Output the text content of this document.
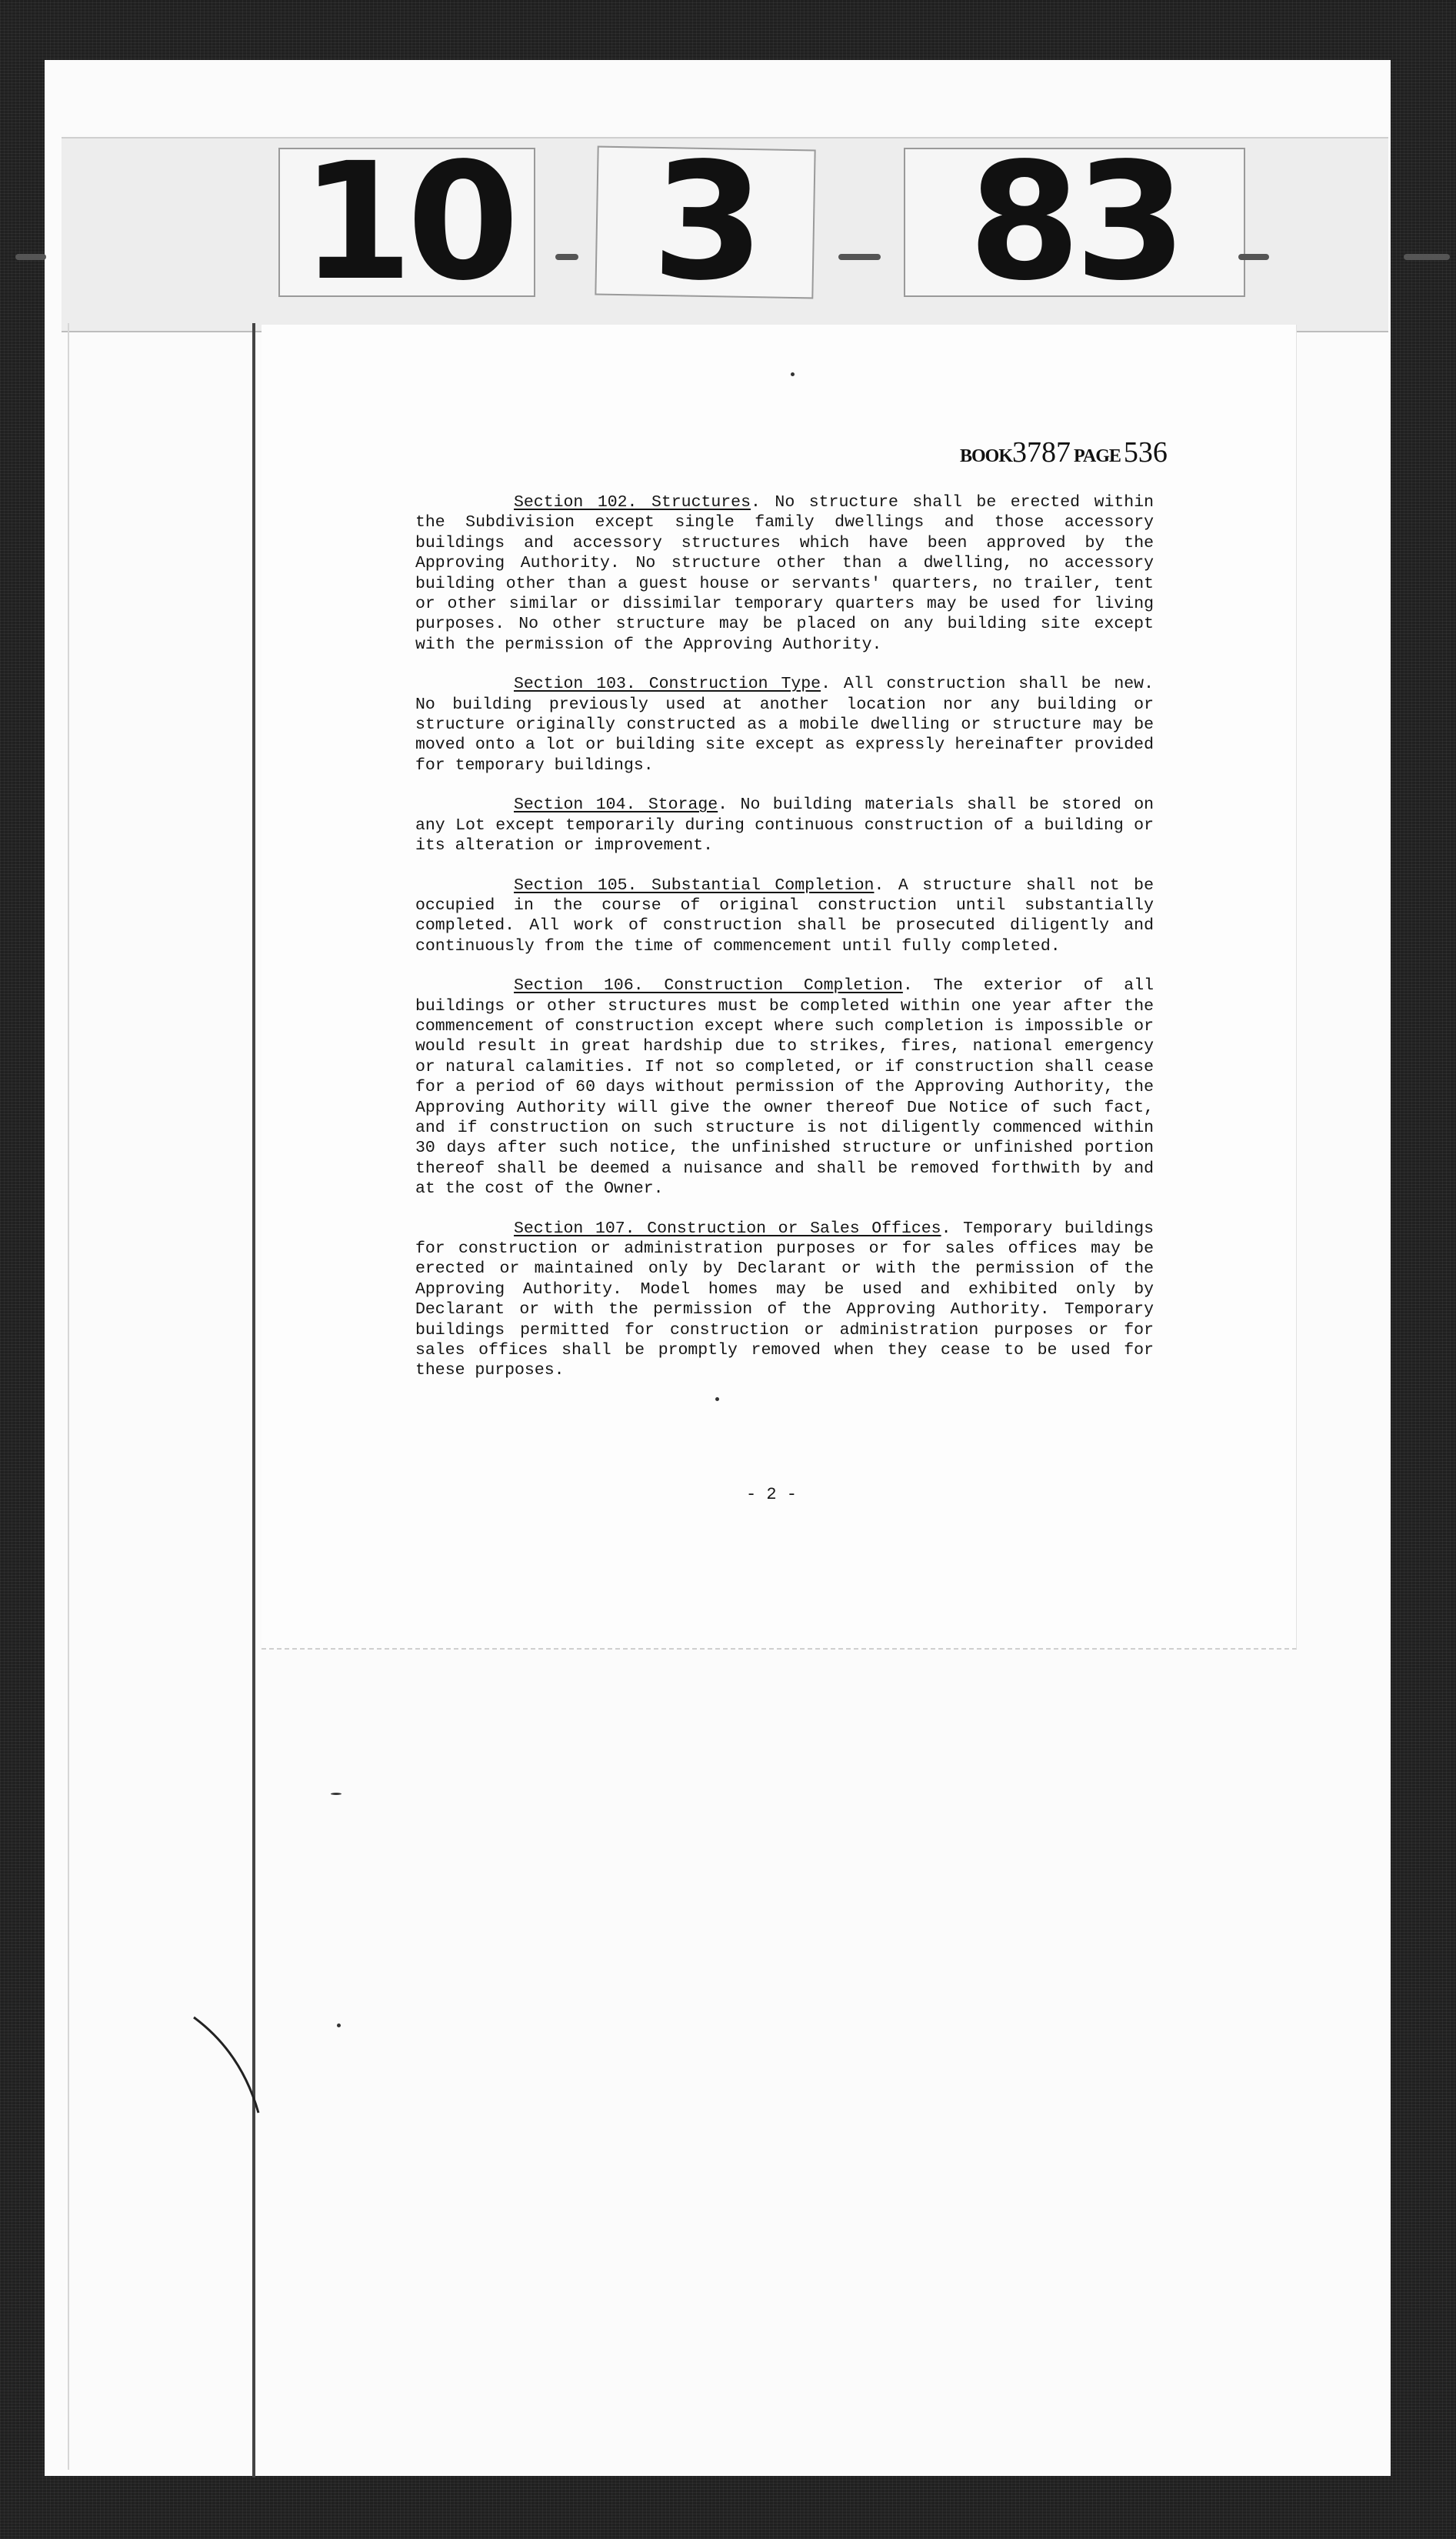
10 3	83
BOOK3787 PAGE 536

Section 102. Structures. No structure shall be erected within the Subdivision except single family dwellings and those accessory buildings and accessory structures which have been approved by the Approving Authority. No structure other than a dwelling, no accessory building other than a guest house or servants' quarters, no trailer, tent or other similar or dissimilar temporary quarters may be used for living purposes. No other structure may be placed on any building site except with the permission of the Approving Authority.

Section 103. Construction Type. All construction shall be new. No building previously used at another location nor any building or structure originally constructed as a mobile dwelling or structure may be moved onto a lot or building site except as expressly hereinafter provided for temporary buildings.

Section 104. Storage. No building materials shall be stored on any Lot except temporarily during continuous construction of a building or its alteration or improvement.

Section 105. Substantial Completion. A structure shall not be occupied in the course of original construction until substantially completed. All work of construction shall be prosecuted diligently and continuously from the time of commencement until fully completed.

Section 106. Construction Completion. The exterior of all buildings or other structures must be completed within one year after the commencement of construction except where such completion is impossible or would result in great hardship due to strikes, fires, national emergency or natural calamities. If not so completed, or if construction shall cease for a period of 60 days without permission of the Approving Authority, the Approving Authority will give the owner thereof Due Notice of such fact, and if construction on such structure is not diligently commenced within 30 days after such notice, the unfinished structure or unfinished portion thereof shall be deemed a nuisance and shall be removed forthwith by and at the cost of the Owner.

Section 107. Construction or Sales Offices. Temporary buildings for construction or administration purposes or for sales offices may be erected or maintained only by Declarant or with the permission of the Approving Authority. Model homes may be used and exhibited only by Declarant or with the permission of the Approving Authority. Temporary buildings permitted for construction or administration purposes or for sales offices shall be promptly removed when they cease to be used for these purposes.

- 2 -
